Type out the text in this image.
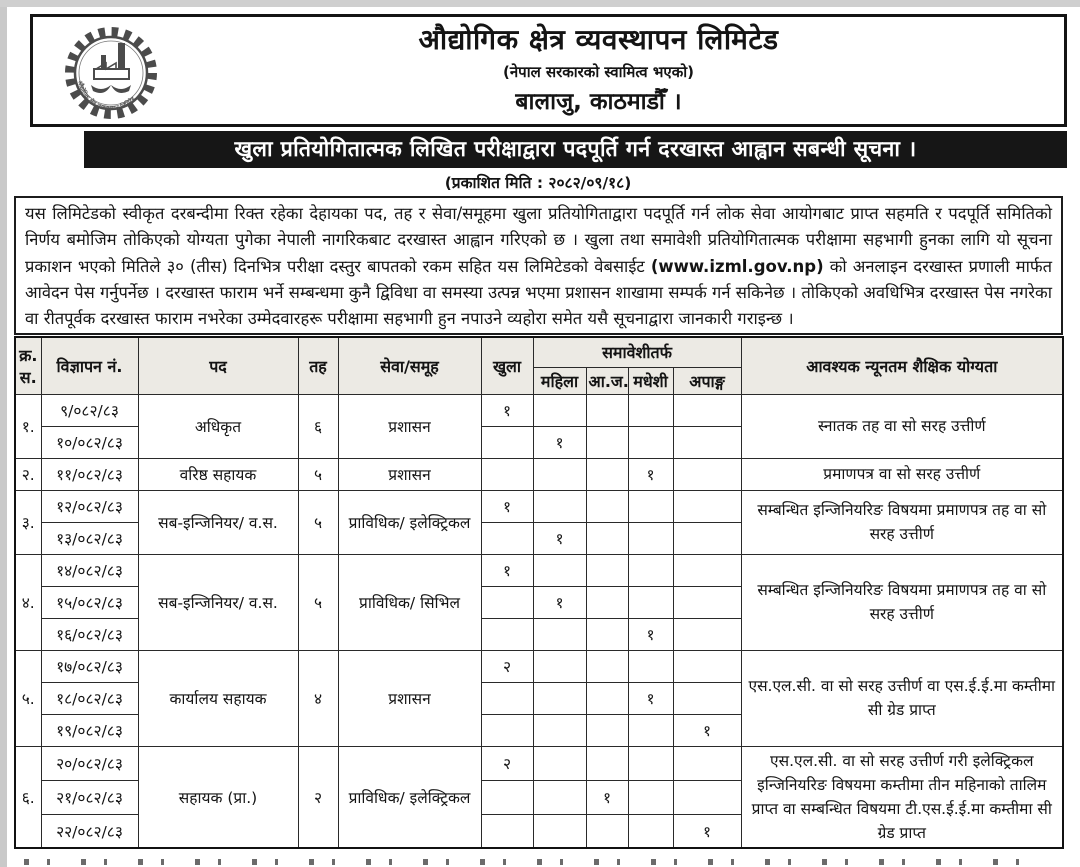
औद्योगिक क्षेत्र व्यवस्थापन लिमिटेड
औद्योगिक क्षेत्र व्यवस्थापन लिमिटेड
(नेपाल सरकारको स्वामित्व भएको)
बालाजु, काठमाडौँ ।
खुला प्रतियोगितात्मक लिखित परीक्षाद्वारा पदपूर्ति गर्न दरखास्त आह्वान सबन्धी सूचना ।
(प्रकाशित मिति : २०८२/०९/१८)
यस लिमिटेडको स्वीकृत दरबन्दीमा रिक्त रहेका देहायका पद, तह र सेवा/समूहमा खुला प्रतियोगिताद्वारा पदपूर्ति गर्न लोक सेवा आयोगबाट प्राप्त सहमति र पदपूर्ति समितिको निर्णय बमोजिम तोकिएको योग्यता पुगेका नेपाली नागरिकबाट दरखास्त आह्वान गरिएको छ । खुला तथा समावेशी प्रतियोगितात्मक परीक्षामा सहभागी हुनका लागि यो सूचना प्रकाशन भएको मितिले ३० (तीस) दिनभित्र परीक्षा दस्तुर बापतको रकम सहित यस लिमिटेडको वेबसाईट (www.izml.gov.np) को अनलाइन दरखास्त प्रणाली मार्फत आवेदन पेस गर्नुपर्नेछ । दरखास्त फाराम भर्ने सम्बन्धमा कुनै द्विविधा वा समस्या उत्पन्न भएमा प्रशासन शाखामा सम्पर्क गर्न सकिनेछ । तोकिएको अवधिभित्र दरखास्त पेस नगरेका वा रीतपूर्वक दरखास्त फाराम नभरेका उम्मेदवारहरू परीक्षामा सहभागी हुन नपाउने व्यहोरा समेत यसै सूचनाद्वारा जानकारी गराइन्छ ।
क्र.
स.	विज्ञापन नं.	पद	तह	सेवा/समूह	खुला	समावेशीतर्फ				आवश्यक न्यूनतम शैक्षिक योग्यता
						महिला	आ.ज.	मधेशी	अपाङ्ग	
१.	९/०८२/८३	अधिकृत	६	प्रशासन	१					स्नातक तह वा सो सरह उत्तीर्ण
	१०/०८२/८३					१				
२.	११/०८२/८३	वरिष्ठ सहायक	५	प्रशासन				१		प्रमाणपत्र वा सो सरह उत्तीर्ण
३.	१२/०८२/८३	सब-इन्जिनियर/ व.स.	५	प्राविधिक/ इलेक्ट्रिकल	१					सम्बन्धित इन्जिनियरिङ विषयमा प्रमाणपत्र तह वा सो सरह उत्तीर्ण
	१३/०८२/८३					१				
४.	१४/०८२/८३	सब-इन्जिनियर/ व.स.	५	प्राविधिक/ सिभिल	१					सम्बन्धित इन्जिनियरिङ विषयमा प्रमाणपत्र तह वा सो सरह उत्तीर्ण
	१५/०८२/८३					१				
	१६/०८२/८३							१		
५.	१७/०८२/८३	कार्यालय सहायक	४	प्रशासन	२					एस.एल.सी. वा सो सरह उत्तीर्ण वा एस.ई.ई.मा कम्तीमा सी ग्रेड प्राप्त
	१८/०८२/८३							१		
	१९/०८२/८३								१	
६.	२०/०८२/८३	सहायक (प्रा.)	२	प्राविधिक/ इलेक्ट्रिकल	२					एस.एल.सी. वा सो सरह उत्तीर्ण गरी इलेक्ट्रिकल इन्जिनियरिङ विषयमा कम्तीमा तीन महिनाको तालिम प्राप्त वा सम्बन्धित विषयमा टी.एस.ई.ई.मा कम्तीमा सी ग्रेड प्राप्त
	२१/०८२/८३						१			
	२२/०८२/८३								१	
